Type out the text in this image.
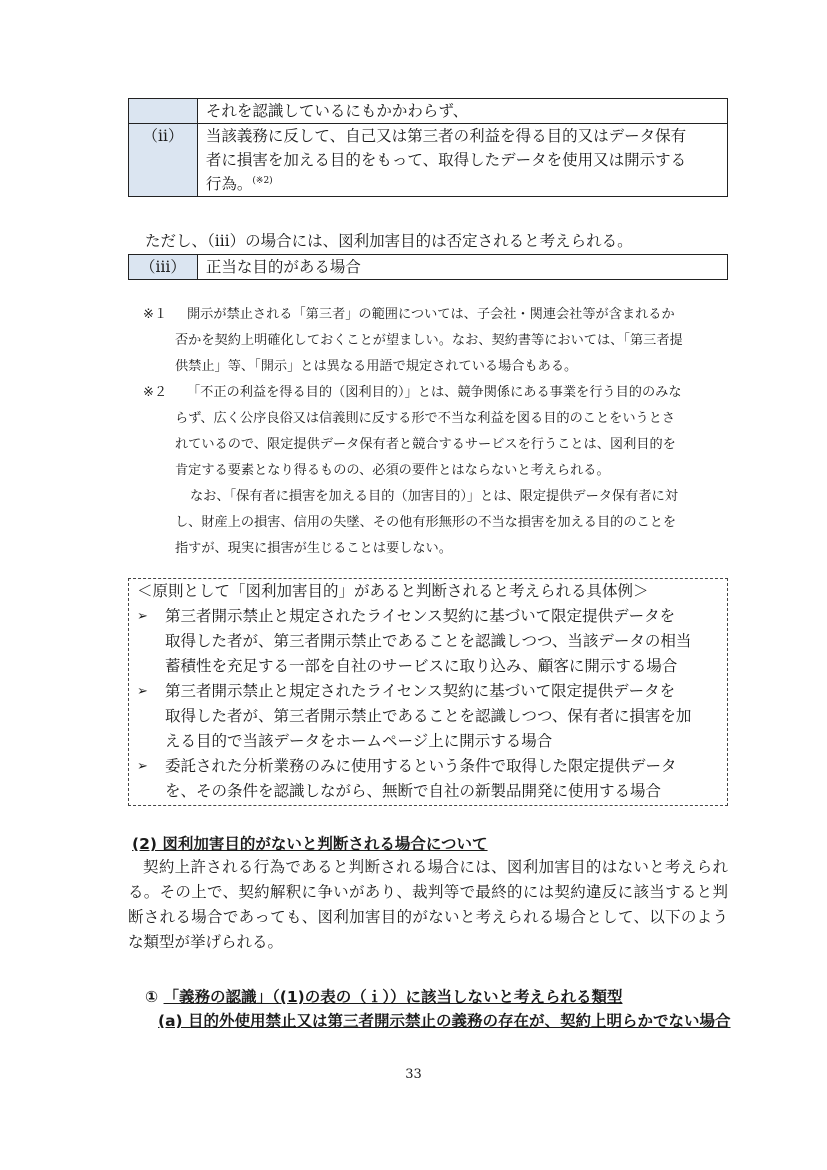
	それを認識しているにもかかわらず、
（ⅱ）	当該義務に反して、自己又は第三者の利益を得る目的又はデータ保有
者に損害を加える目的をもって、取得したデータを使用又は開示する
行為。$^{(※2)}$
ただし、（ⅲ）の場合には、図利加害目的は否定されると考えられる。
（ⅲ）	正当な目的がある場合
※１	開示が禁止される「第三者」の範囲については、子会社・関連会社等が含まれるか
否かを契約上明確化しておくことが望ましい。なお、契約書等においては、「第三者提
供禁止」等、「開示」とは異なる用語で規定されている場合もある。
※２	「不正の利益を得る目的（図利目的）」とは、競争関係にある事業を行う目的のみな
らず、広く公序良俗又は信義則に反する形で不当な利益を図る目的のことをいうとさ
れているので、限定提供データ保有者と競合するサービスを行うことは、図利目的を
肯定する要素となり得るものの、必須の要件とはならないと考えられる。
なお、「保有者に損害を加える目的（加害目的）」とは、限定提供データ保有者に対
し、財産上の損害、信用の失墜、その他有形無形の不当な損害を加える目的のことを
指すが、現実に損害が生じることは要しない。
＜原則として「図利加害目的」があると判断されると考えられる具体例＞
➢	第三者開示禁止と規定されたライセンス契約に基づいて限定提供データを
取得した者が、第三者開示禁止であることを認識しつつ、当該データの相当
蓄積性を充足する一部を自社のサービスに取り込み、顧客に開示する場合
➢	第三者開示禁止と規定されたライセンス契約に基づいて限定提供データを
取得した者が、第三者開示禁止であることを認識しつつ、保有者に損害を加
える目的で当該データをホームページ上に開示する場合
➢	委託された分析業務のみに使用するという条件で取得した限定提供データ
を、その条件を認識しながら、無断で自社の新製品開発に使用する場合
(2) 図利加害目的がないと判断される場合について
契約上許される行為であると判断される場合には、図利加害目的はないと考えられる。その上で、契約解釈に争いがあり、裁判等で最終的には契約違反に該当すると判断される場合であっても、図利加害目的がないと考えられる場合として、以下のような類型が挙げられる。
① 「義務の認識」（(1)の表の（ｉ））に該当しないと考えられる類型
(a) 目的外使用禁止又は第三者開示禁止の義務の存在が、契約上明らかでない場合
33
